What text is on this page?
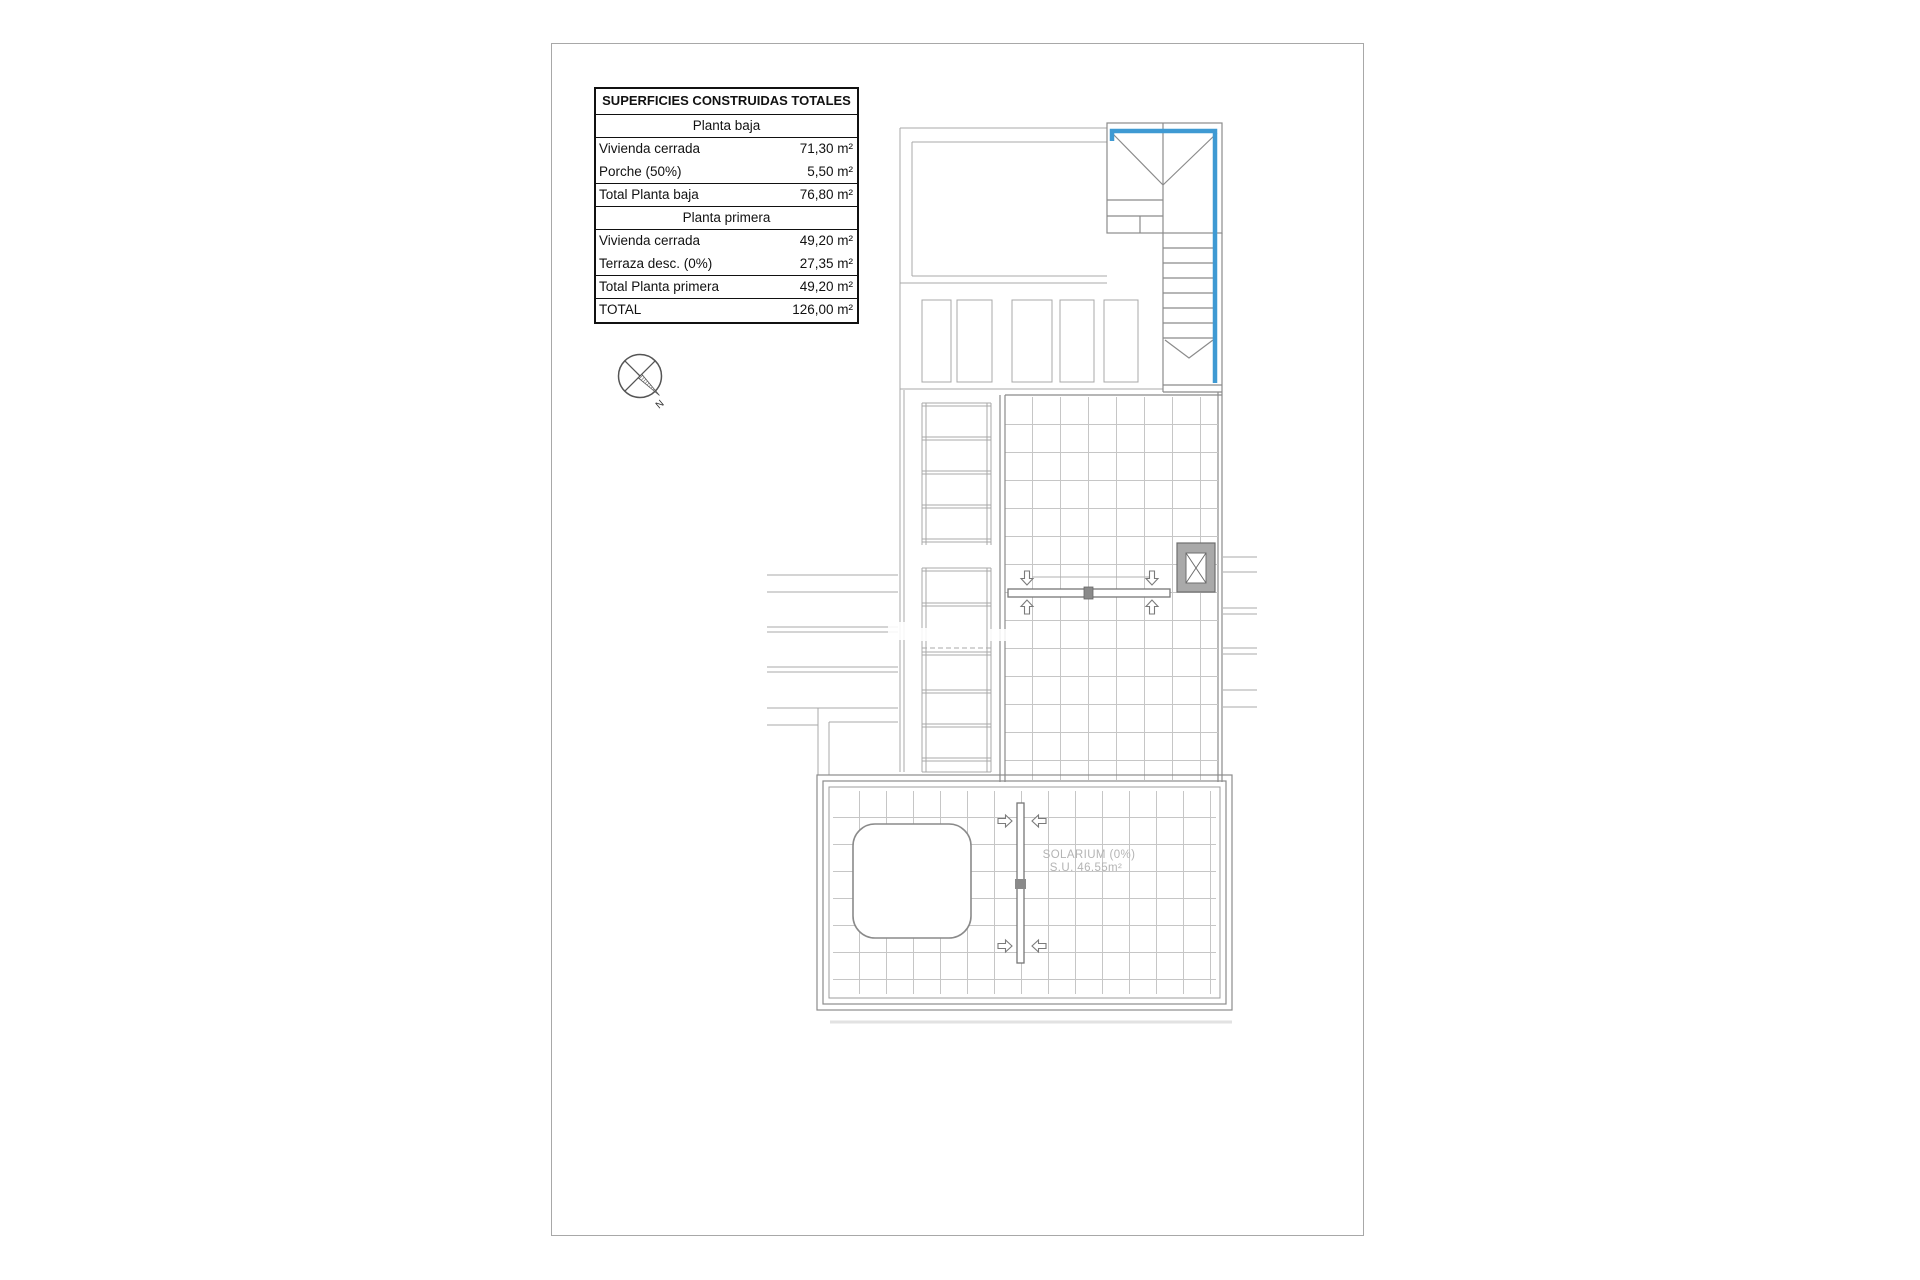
SUPERFICIES CONSTRUIDAS TOTALES
Planta baja
Vivienda cerrada	71,30 m²
Porche (50%)	5,50 m²
Total Planta baja	76,80 m²
Planta primera
Vivienda cerrada	49,20 m²
Terraza desc. (0%)	27,35 m²
Total Planta primera	49,20 m²
TOTAL	126,00 m²
N
SOLARIUM (0%)
S.U. 46.55m²
